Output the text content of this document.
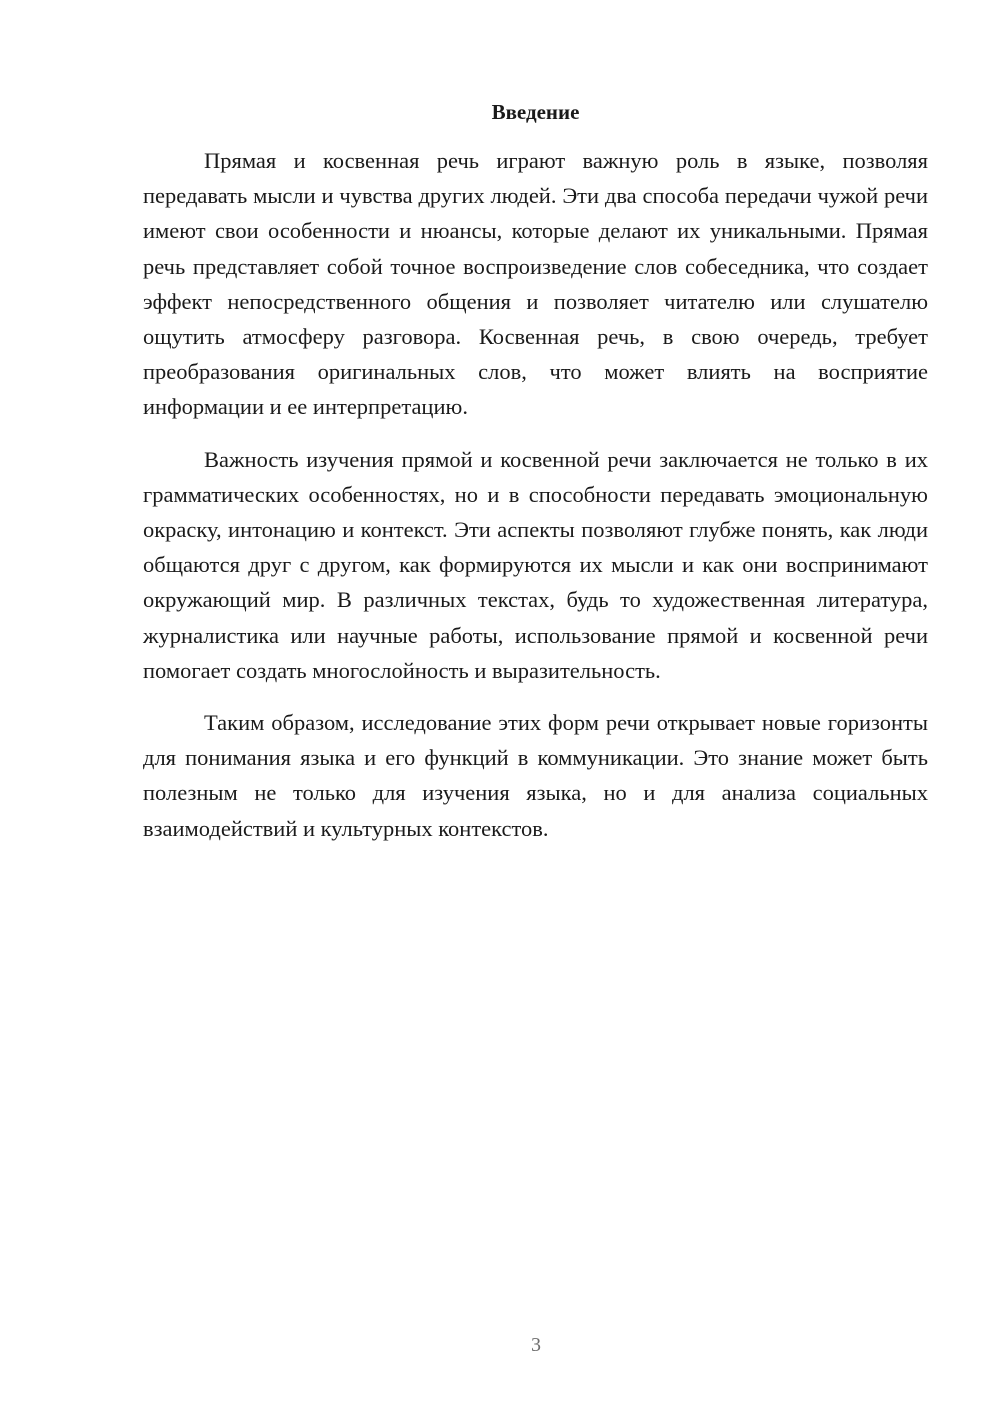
Введение

Прямая и косвенная речь играют важную роль в языке, позволяя передавать мысли и чувства других людей. Эти два способа передачи чужой речи имеют свои особенности и нюансы, которые делают их уникальными. Прямая речь представляет собой точное воспроизведение слов собеседника, что создает эффект непосредственного общения и позволяет читателю или слушателю ощутить атмосферу разговора. Косвенная речь, в свою очередь, требует преобразования оригинальных слов, что может влиять на восприятие информации и ее интерпретацию.

Важность изучения прямой и косвенной речи заключается не только в их грамматических особенностях, но и в способности передавать эмоциональную окраску, интонацию и контекст. Эти аспекты позволяют глубже понять, как люди общаются друг с другом, как формируются их мысли и как они воспринимают окружающий мир. В различных текстах, будь то художественная литература, журналистика или научные работы, использование прямой и косвенной речи помогает создать многослойность и выразительность.

Таким образом, исследование этих форм речи открывает новые горизонты для понимания языка и его функций в коммуникации. Это знание может быть полезным не только для изучения языка, но и для анализа социальных взаимодействий и культурных контекстов.

3
